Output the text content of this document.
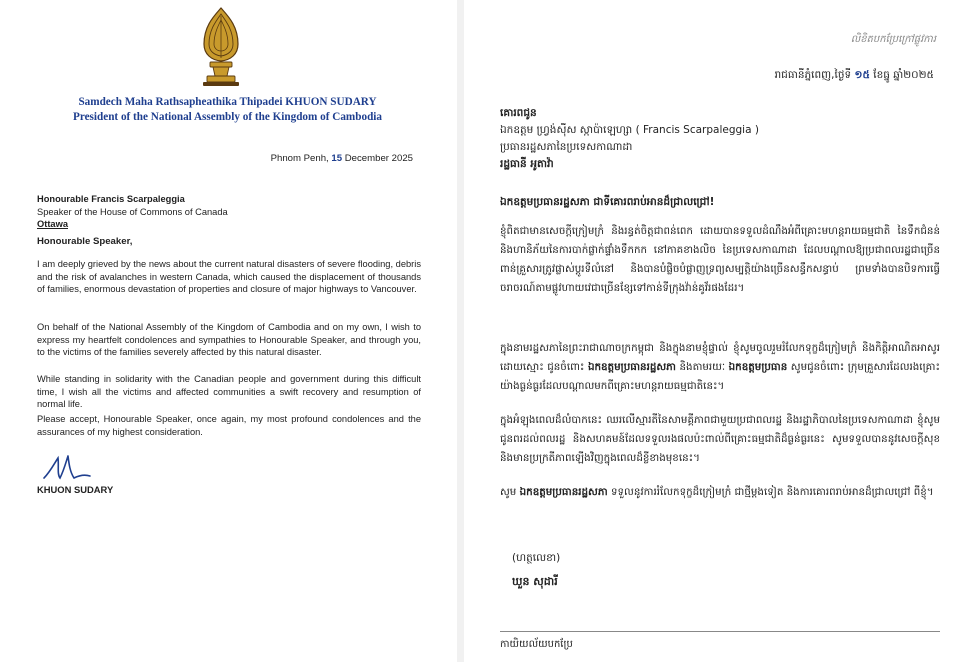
Samdech Maha Rathsapheathika Thipadei KHUON SUDARY
President of the National Assembly of the Kingdom of Cambodia
Phnom Penh, 15 December 2025
Honourable Francis Scarpaleggia
Speaker of the House of Commons of Canada
Ottawa
Honourable Speaker,
I am deeply grieved by the news about the current natural disasters of severe flooding, debris and the risk of avalanches in western Canada, which caused the displacement of thousands of families, enormous devastation of properties and closure of major highways to Vancouver.
On behalf of the National Assembly of the Kingdom of Cambodia and on my own, I wish to express my heartfelt condolences and sympathies to Honourable Speaker, and through you, to the victims of the families severely affected by this natural disaster.
While standing in solidarity with the Canadian people and government during this difficult time, I wish all the victims and affected communities a swift recovery and resumption of normal life.
Please accept, Honourable Speaker, once again, my most profound condolences and the assurances of my highest consideration.
KHUON SUDARY
លិខិតបកប្រែក្រៅផ្លូវការ
រាជធានីភ្នំពេញ,ថ្ងៃទី ១៥ ខែធ្នូ ឆ្នាំ២០២៥
គោរពជូន
ឯកឧត្តម ហ្វ្រង់ស៊ីស ស្កាប៉ាឡេហ្សា ( Francis Scarpaleggia )
ប្រធានរដ្ឋសភានៃប្រទេសកាណាដា
រដ្ឋធានី អូតាវ៉ា
ឯកឧត្តមប្រធានរដ្ឋសភា ជាទីគោរពរាប់អានដ៏ជ្រាលជ្រៅ!
ខ្ញុំពិតជាមានសេចក្ដីក្រៀមក្រំ និងរន្ធត់ចិត្តជាពន់ពេក ដោយបានទទួលដំណឹងអំពីគ្រោះមហន្តរាយធម្មជាតិ នៃទឹកជំនន់ និងហានិភ័យនៃការបាក់ផ្លាក់ផ្ទាំងទឹកកក នៅភាគខាងលិច នៃប្រទេសកាណាដា ដែលបណ្ដាលឱ្យប្រជាពលរដ្ឋជាច្រើនពាន់គ្រួសារត្រូវផ្លាស់ប្ដូរទីលំនៅ និងបានបំផ្លិចបំផ្លាញទ្រព្យសម្បត្តិយ៉ាងច្រើនសន្ធឹកសន្ធាប់ ព្រមទាំងបានបិទការធ្វើចរាចរណ៍តាមផ្លូវហាយវេជាច្រើនខ្សែទៅកាន់ទីក្រុងវ៉ាន់គូវ័រផងដែរ។
ក្នុងនាមរដ្ឋសភានៃព្រះរាជាណាចក្រកម្ពុជា និងក្នុងនាមខ្ញុំផ្ទាល់ ខ្ញុំសូមចូលរួមរំលែកទុក្ខដ៏ក្រៀមក្រំ និងកិត្តិអាណិតអាសូរដោយស្មោះ ជូនចំពោះ ឯកឧត្តមប្រធានរដ្ឋសភា និងតាមរយៈ ឯកឧត្តមប្រធាន សូមជូនចំពោះ ក្រុមគ្រួសារដែលរងគ្រោះយ៉ាងធ្ងន់ធ្ងរដែលបណ្ដាលមកពីគ្រោះមហន្តរាយធម្មជាតិនេះ។
ក្នុងអំឡុងពេលដ៏លំបាកនេះ ឈរលើស្មារតីនៃសាមគ្គីភាពជាមួយប្រជាពលរដ្ឋ និងរដ្ឋាភិបាលនៃប្រទេសកាណាដា ខ្ញុំសូមជូនពរដល់ពលរដ្ឋ និងសហគមន៍ដែលទទួលរងផលប៉ះពាល់ពីគ្រោះធម្មជាតិដ៏ធ្ងន់ធ្ងរនេះ សូមទទួលបាននូវសេចក្ដីសុខ និងមានប្រក្រតីភាពឡើងវិញក្នុងពេលដ៏ខ្លីខាងមុខនេះ។
សូម ឯកឧត្តមប្រធានរដ្ឋសភា ទទួលនូវការរំលែកទុក្ខដ៏ក្រៀមក្រំ ជាថ្មីម្ដងទៀត និងការគោរពរាប់អានដ៏ជ្រាលជ្រៅ ពីខ្ញុំ។
(ហត្ថលេខា)
ឃួន សុដារី
កាយិយល័យបកប្រែ
